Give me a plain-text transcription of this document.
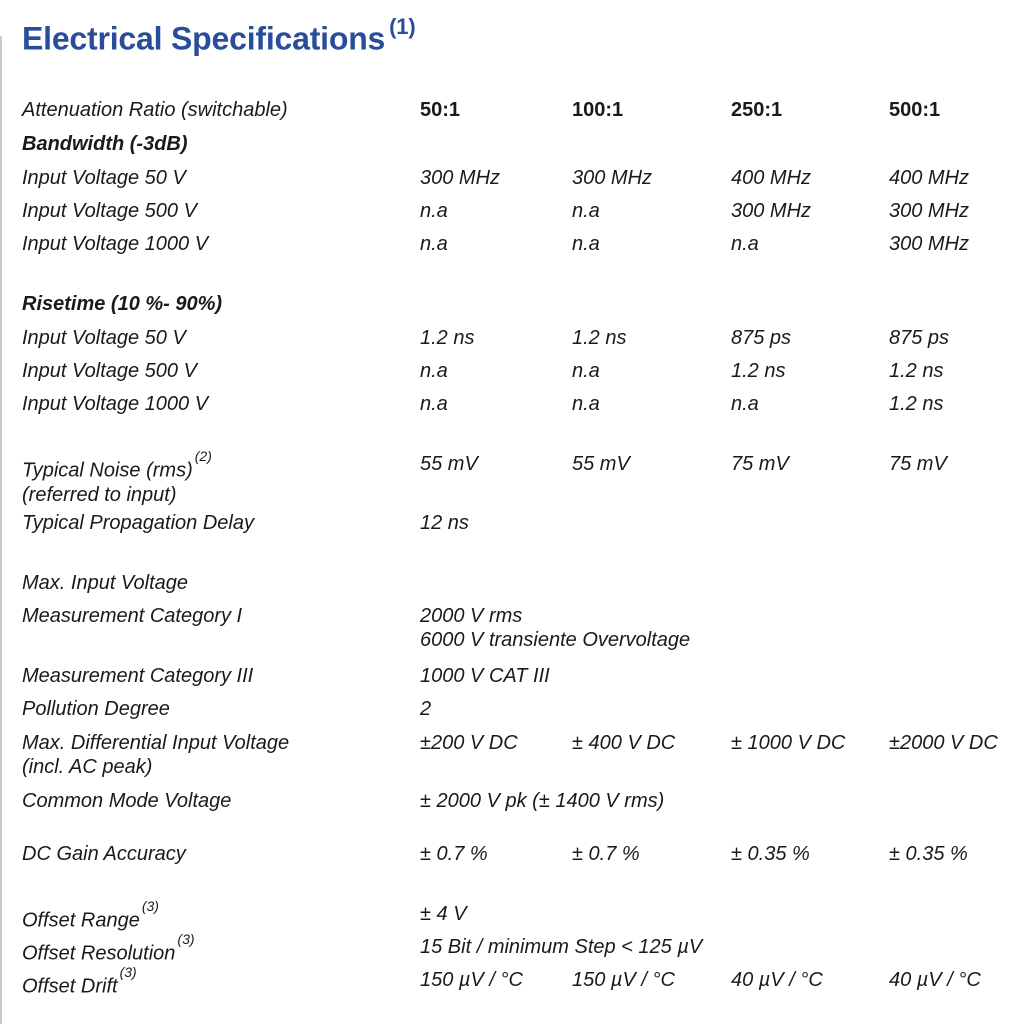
Electrical Specifications $^{(1)}$
Attenuation Ratio (switchable)	50:1	100:1	250:1	500:1
Bandwidth (-3dB)
Input Voltage 50 V	300 MHz	300 MHz	400 MHz	400 MHz
Input Voltage 500 V	n.a	n.a	300 MHz	300 MHz
Input Voltage 1000 V	n.a	n.a	n.a	300 MHz
Risetime (10 %- 90%)
Input Voltage 50 V	1.2 ns	1.2 ns	875 ps	875 ps
Input Voltage 500 V	n.a	n.a	1.2 ns	1.2 ns
Input Voltage 1000 V	n.a	n.a	n.a	1.2 ns
Typical Noise (rms)$^{(2)}$
(referred to input)
55 mV	55 mV	75 mV	75 mV
Typical Propagation Delay	12 ns
Max. Input Voltage
Measurement Category I	2000 V rms
6000 V transiente Overvoltage
Measurement Category III	1000 V CAT III
Pollution Degree	2
Max. Differential Input Voltage
(incl. AC peak)
±200 V DC	± 400 V DC	± 1000 V DC ±2000 V DC
Common Mode Voltage	± 2000 V pk (± 1400 V rms)
DC Gain Accuracy	± 0.7 %	± 0.7 %	± 0.35 %	± 0.35 %
Offset Range$^{(3)}$	± 4 V
Offset Resolution$^{(3)}$	15 Bit / minimum Step < 125 µV
Offset Drift$^{(3)}$	150 µV / °C 150 µV / °C	40 µV / °C	40 µV / °C
